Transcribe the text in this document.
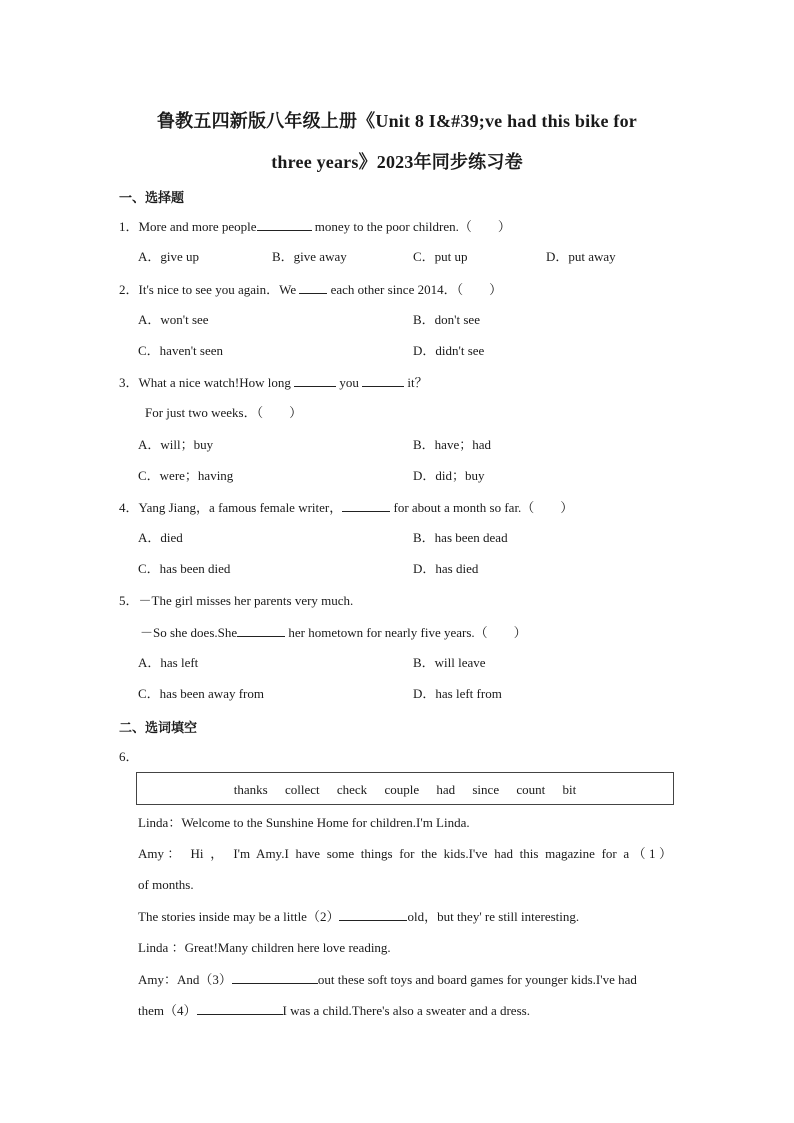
鲁教五四新版八年级上册《Unit 8 I&#39;ve had this bike for
three years》2023年同步练习卷
一、选择题
1．More and more people	money to the poor children.（　　）
A．give up	B．give away	C．put up	D．put away
2．It's nice to see you again．We  each other since 2014．（　　）
A．won't see	B．don't see
C．haven't seen	D．didn't see
3．What a nice watch!How long	you	it？
For just two weeks．（　　）
A．will；buy	B．have；had
C．were；having	D．did；buy
4．Yang Jiang，a famous female writer，	for about a month so far.（　　）
A．died	B．has been dead
C．has been died	D．has died
5．－The girl misses her parents very much.
－So she does.She	her hometown for nearly five years.（　　）
A．has left	B．will leave
C．has been away from	D．has left from
二、选词填空
6．
thanks collect check couple had since count bit
Linda：Welcome to the Sunshine Home for children.I'm Linda.
Amy： Hi ， I'm Amy.I have some things for the kids.I've had this magazine for a（1）
of months.
The stories inside may be a little（2）	old，but they' re still interesting.
Linda ：Great!Many children here love reading.
Amy：And（3）	out these soft toys and board games for younger kids.I've had
them（4）	I was a child.There's also a sweater and a dress.
